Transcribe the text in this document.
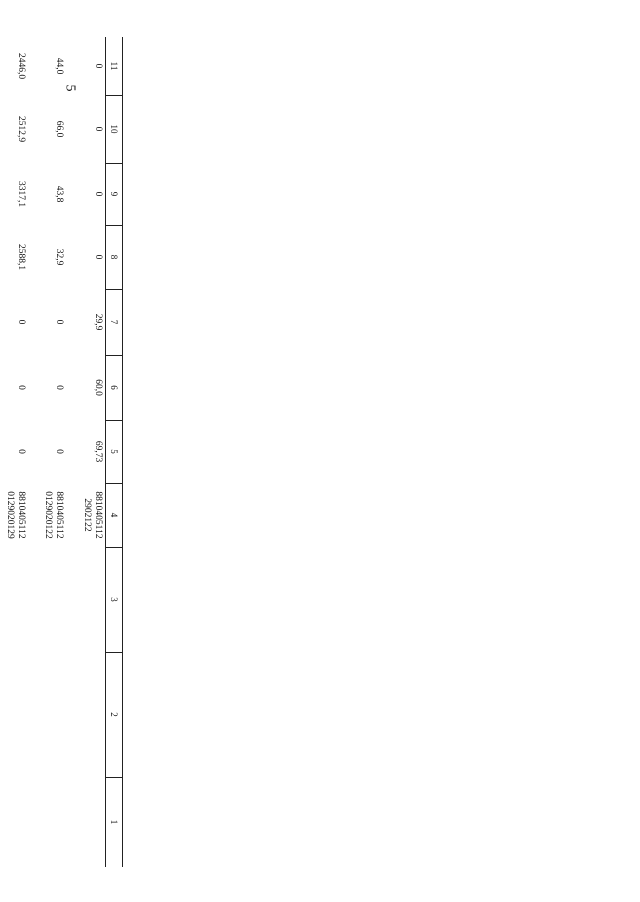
5
11
10
9
8
7
6
5
4
3
2
1
0
0
0
0
29,9
60,0
69,73
8810405112
2902122
44,0
66,0
43,8
32,9
0
0
0
8810405112
0129020122
2446,0
2512,9
3317,1
2588,1
0
0
0
8810405112
0129020129
